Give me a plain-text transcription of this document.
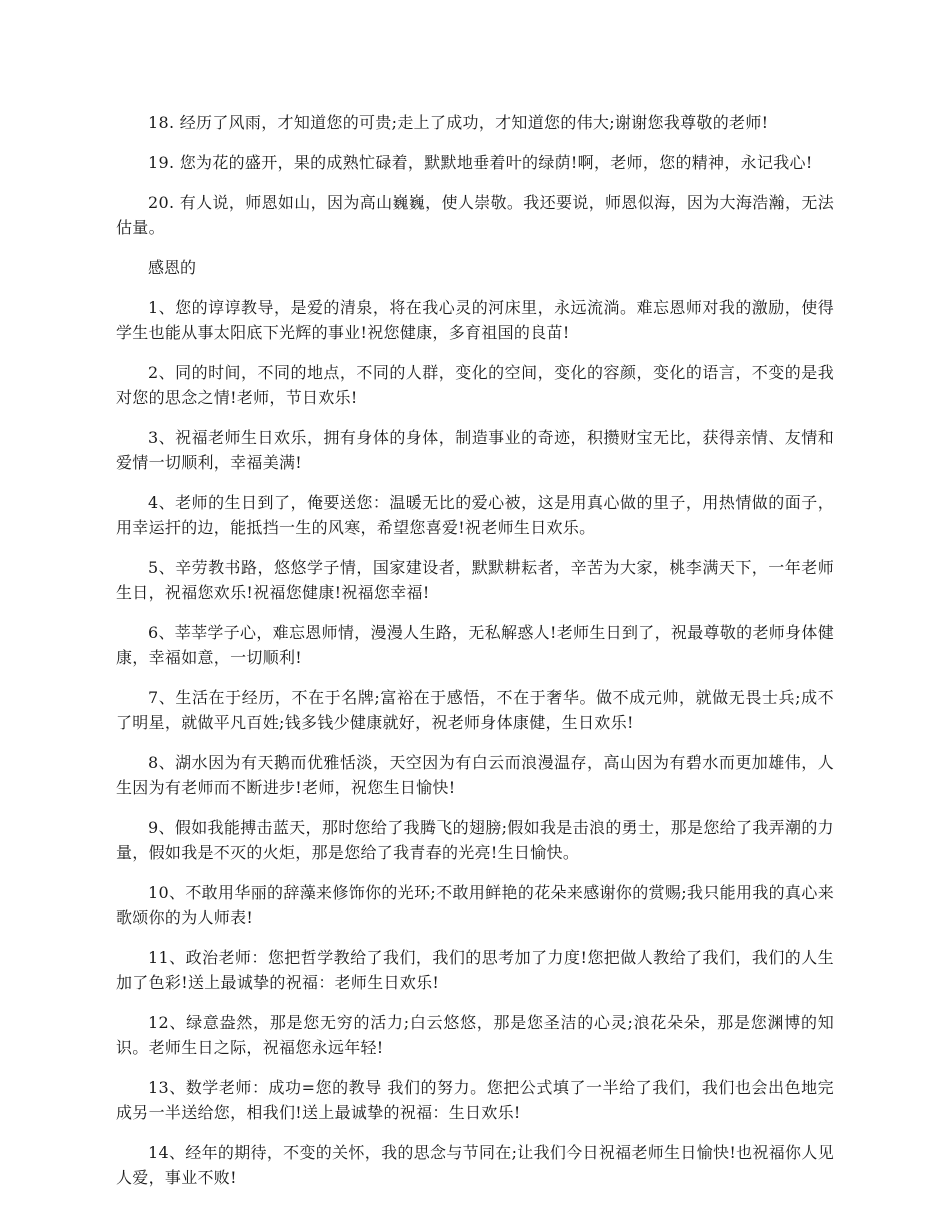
18. 经历了风雨，才知道您的可贵;走上了成功，才知道您的伟大;谢谢您我尊敬的老师!

19. 您为花的盛开，果的成熟忙碌着，默默地垂着叶的绿荫!啊，老师，您的精神，永记我心!

20. 有人说，师恩如山，因为高山巍巍，使人崇敬。我还要说，师恩似海，因为大海浩瀚，无法估量。

感恩的

1、您的谆谆教导，是爱的清泉，将在我心灵的河床里，永远流淌。难忘恩师对我的激励，使得学生也能从事太阳底下光辉的事业!祝您健康，多育祖国的良苗!

2、同的时间，不同的地点，不同的人群，变化的空间，变化的容颜，变化的语言，不变的是我对您的思念之情!老师，节日欢乐!

3、祝福老师生日欢乐，拥有身体的身体，制造事业的奇迹，积攒财宝无比，获得亲情、友情和爱情一切顺利，幸福美满!

4、老师的生日到了，俺要送您：温暖无比的爱心被，这是用真心做的里子，用热情做的面子，用幸运扞的边，能抵挡一生的风寒，希望您喜爱!祝老师生日欢乐。

5、辛劳教书路，悠悠学子情，国家建设者，默默耕耘者，辛苦为大家，桃李满天下，一年老师生日，祝福您欢乐!祝福您健康!祝福您幸福!

6、莘莘学子心，难忘恩师情，漫漫人生路，无私解惑人!老师生日到了，祝最尊敬的老师身体健康，幸福如意，一切顺利!

7、生活在于经历，不在于名牌;富裕在于感悟，不在于奢华。做不成元帅，就做无畏士兵;成不了明星，就做平凡百姓;钱多钱少健康就好，祝老师身体康健，生日欢乐!

8、湖水因为有天鹅而优雅恬淡，天空因为有白云而浪漫温存，高山因为有碧水而更加雄伟，人生因为有老师而不断进步!老师，祝您生日愉快!

9、假如我能搏击蓝天，那时您给了我腾飞的翅膀;假如我是击浪的勇士，那是您给了我弄潮的力量，假如我是不灭的火炬，那是您给了我青春的光亮!生日愉快。

10、不敢用华丽的辞藻来修饰你的光环;不敢用鲜艳的花朵来感谢你的赏赐;我只能用我的真心来歌颂你的为人师表!

11、政治老师：您把哲学教给了我们，我们的思考加了力度!您把做人教给了我们，我们的人生加了色彩!送上最诚挚的祝福：老师生日欢乐!

12、绿意盎然，那是您无穷的活力;白云悠悠，那是您圣洁的心灵;浪花朵朵，那是您渊博的知识。老师生日之际，祝福您永远年轻!

13、数学老师：成功=您的教导 我们的努力。您把公式填了一半给了我们，我们也会出色地完成另一半送给您，相我们!送上最诚挚的祝福：生日欢乐!

14、经年的期待，不变的关怀，我的思念与节同在;让我们今日祝福老师生日愉快!也祝福你人见人爱，事业不败!
